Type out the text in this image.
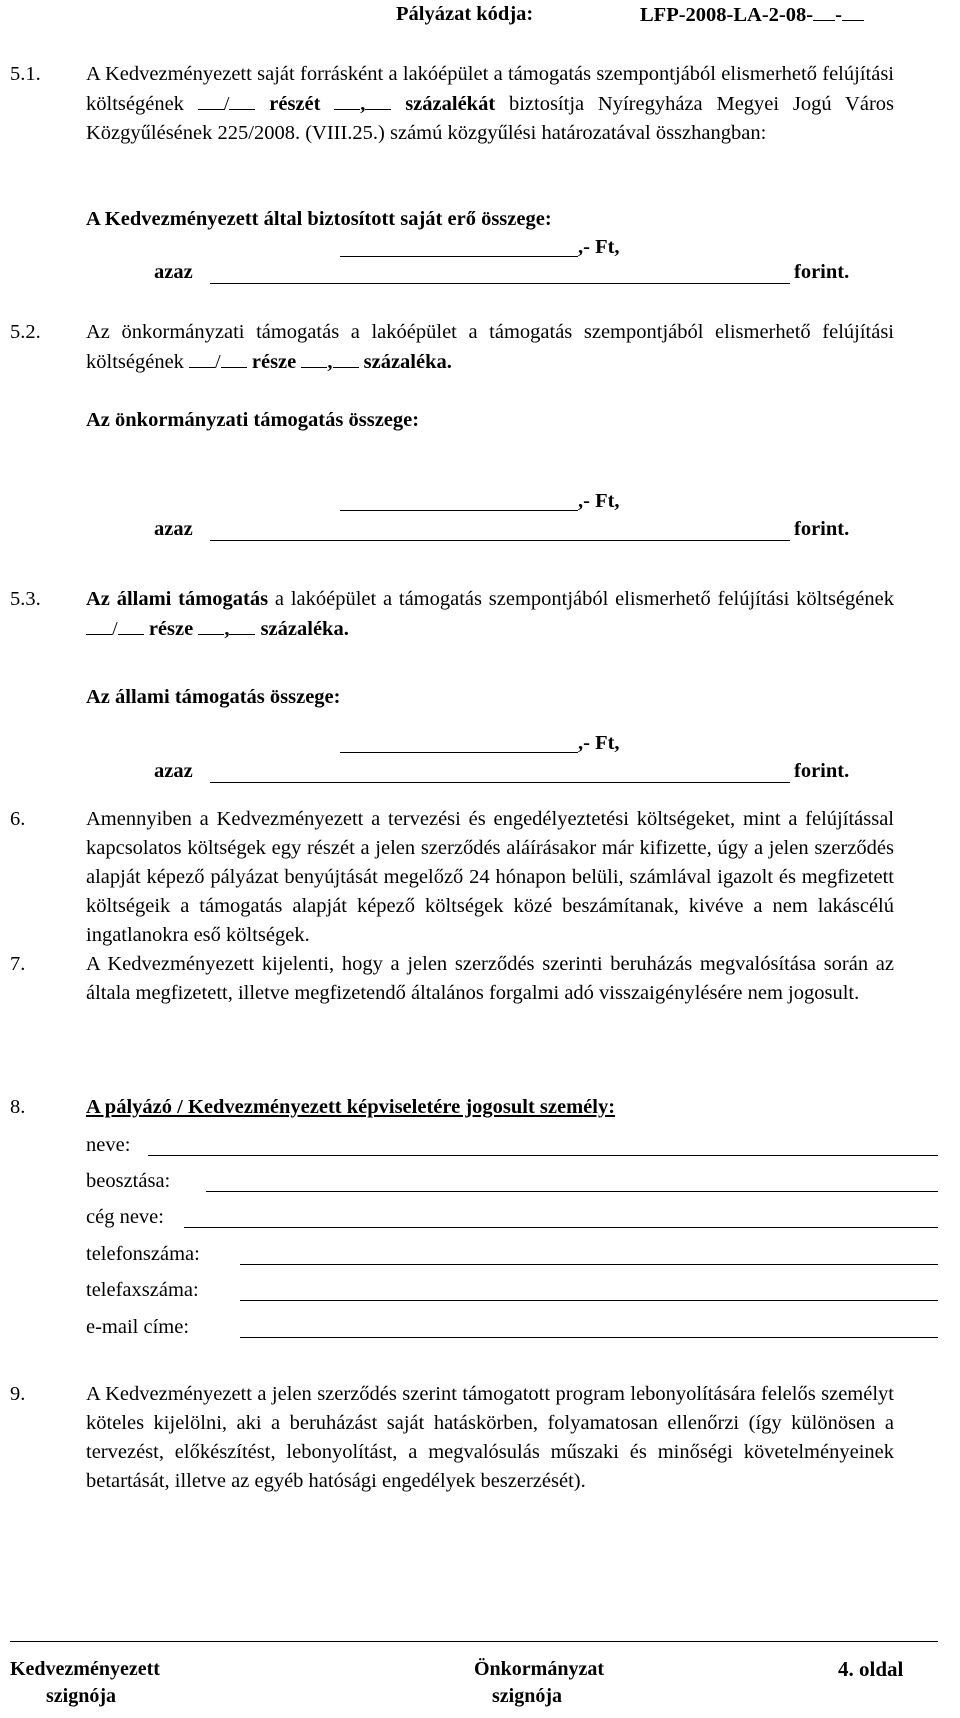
Pályázat kódja:	LFP-2008-LA-2-08- -
5.1. A Kedvezményezett saját forrásként a lakóépület a támogatás szempontjából elismerhető felújítási költségének / részét , százalékát biztosítja Nyíregyháza Megyei Jogú Város Közgyűlésének 225/2008. (VIII.25.) számú közgyűlési határozatával összhangban:
A Kedvezményezett által biztosított saját erő összege:
,- Ft,
azaz	forint.
5.2. Az önkormányzati támogatás a lakóépület a támogatás szempontjából elismerhető felújítási költségének / része , százaléka.
Az önkormányzati támogatás összege:
,- Ft,
azaz	forint.
5.3. Az állami támogatás a lakóépület a támogatás szempontjából elismerhető felújítási költségének / része , százaléka.
Az állami támogatás összege:
,- Ft,
azaz	forint.
6.	Amennyiben a Kedvezményezett a tervezési és engedélyeztetési költségeket, mint a felújítással kapcsolatos költségek egy részét a jelen szerződés aláírásakor már kifizette, úgy a jelen szerződés alapját képező pályázat benyújtását megelőző 24 hónapon belüli, számlával igazolt és megfizetett költségeik a támogatás alapját képező költségek közé beszámítanak, kivéve a nem lakáscélú ingatlanokra eső költségek.
7.	A Kedvezményezett kijelenti, hogy a jelen szerződés szerinti beruházás megvalósítása során az általa megfizetett, illetve megfizetendő általános forgalmi adó visszaigénylésére nem jogosult.
8.	A pályázó / Kedvezményezett képviseletére jogosult személy:
neve:
beosztása:
cég neve:
telefonszáma:
telefaxszáma:
e-mail címe:
9.	A Kedvezményezett a jelen szerződés szerint támogatott program lebonyolítására felelős személyt köteles kijelölni, aki a beruházást saját hatáskörben, folyamatosan ellenőrzi (így különösen a tervezést, előkészítést, lebonyolítást, a megvalósulás műszaki és minőségi követelményeinek betartását, illetve az egyéb hatósági engedélyek beszerzését).
Kedvezményezett
szignója
Önkormányzat
szignója
4. oldal
